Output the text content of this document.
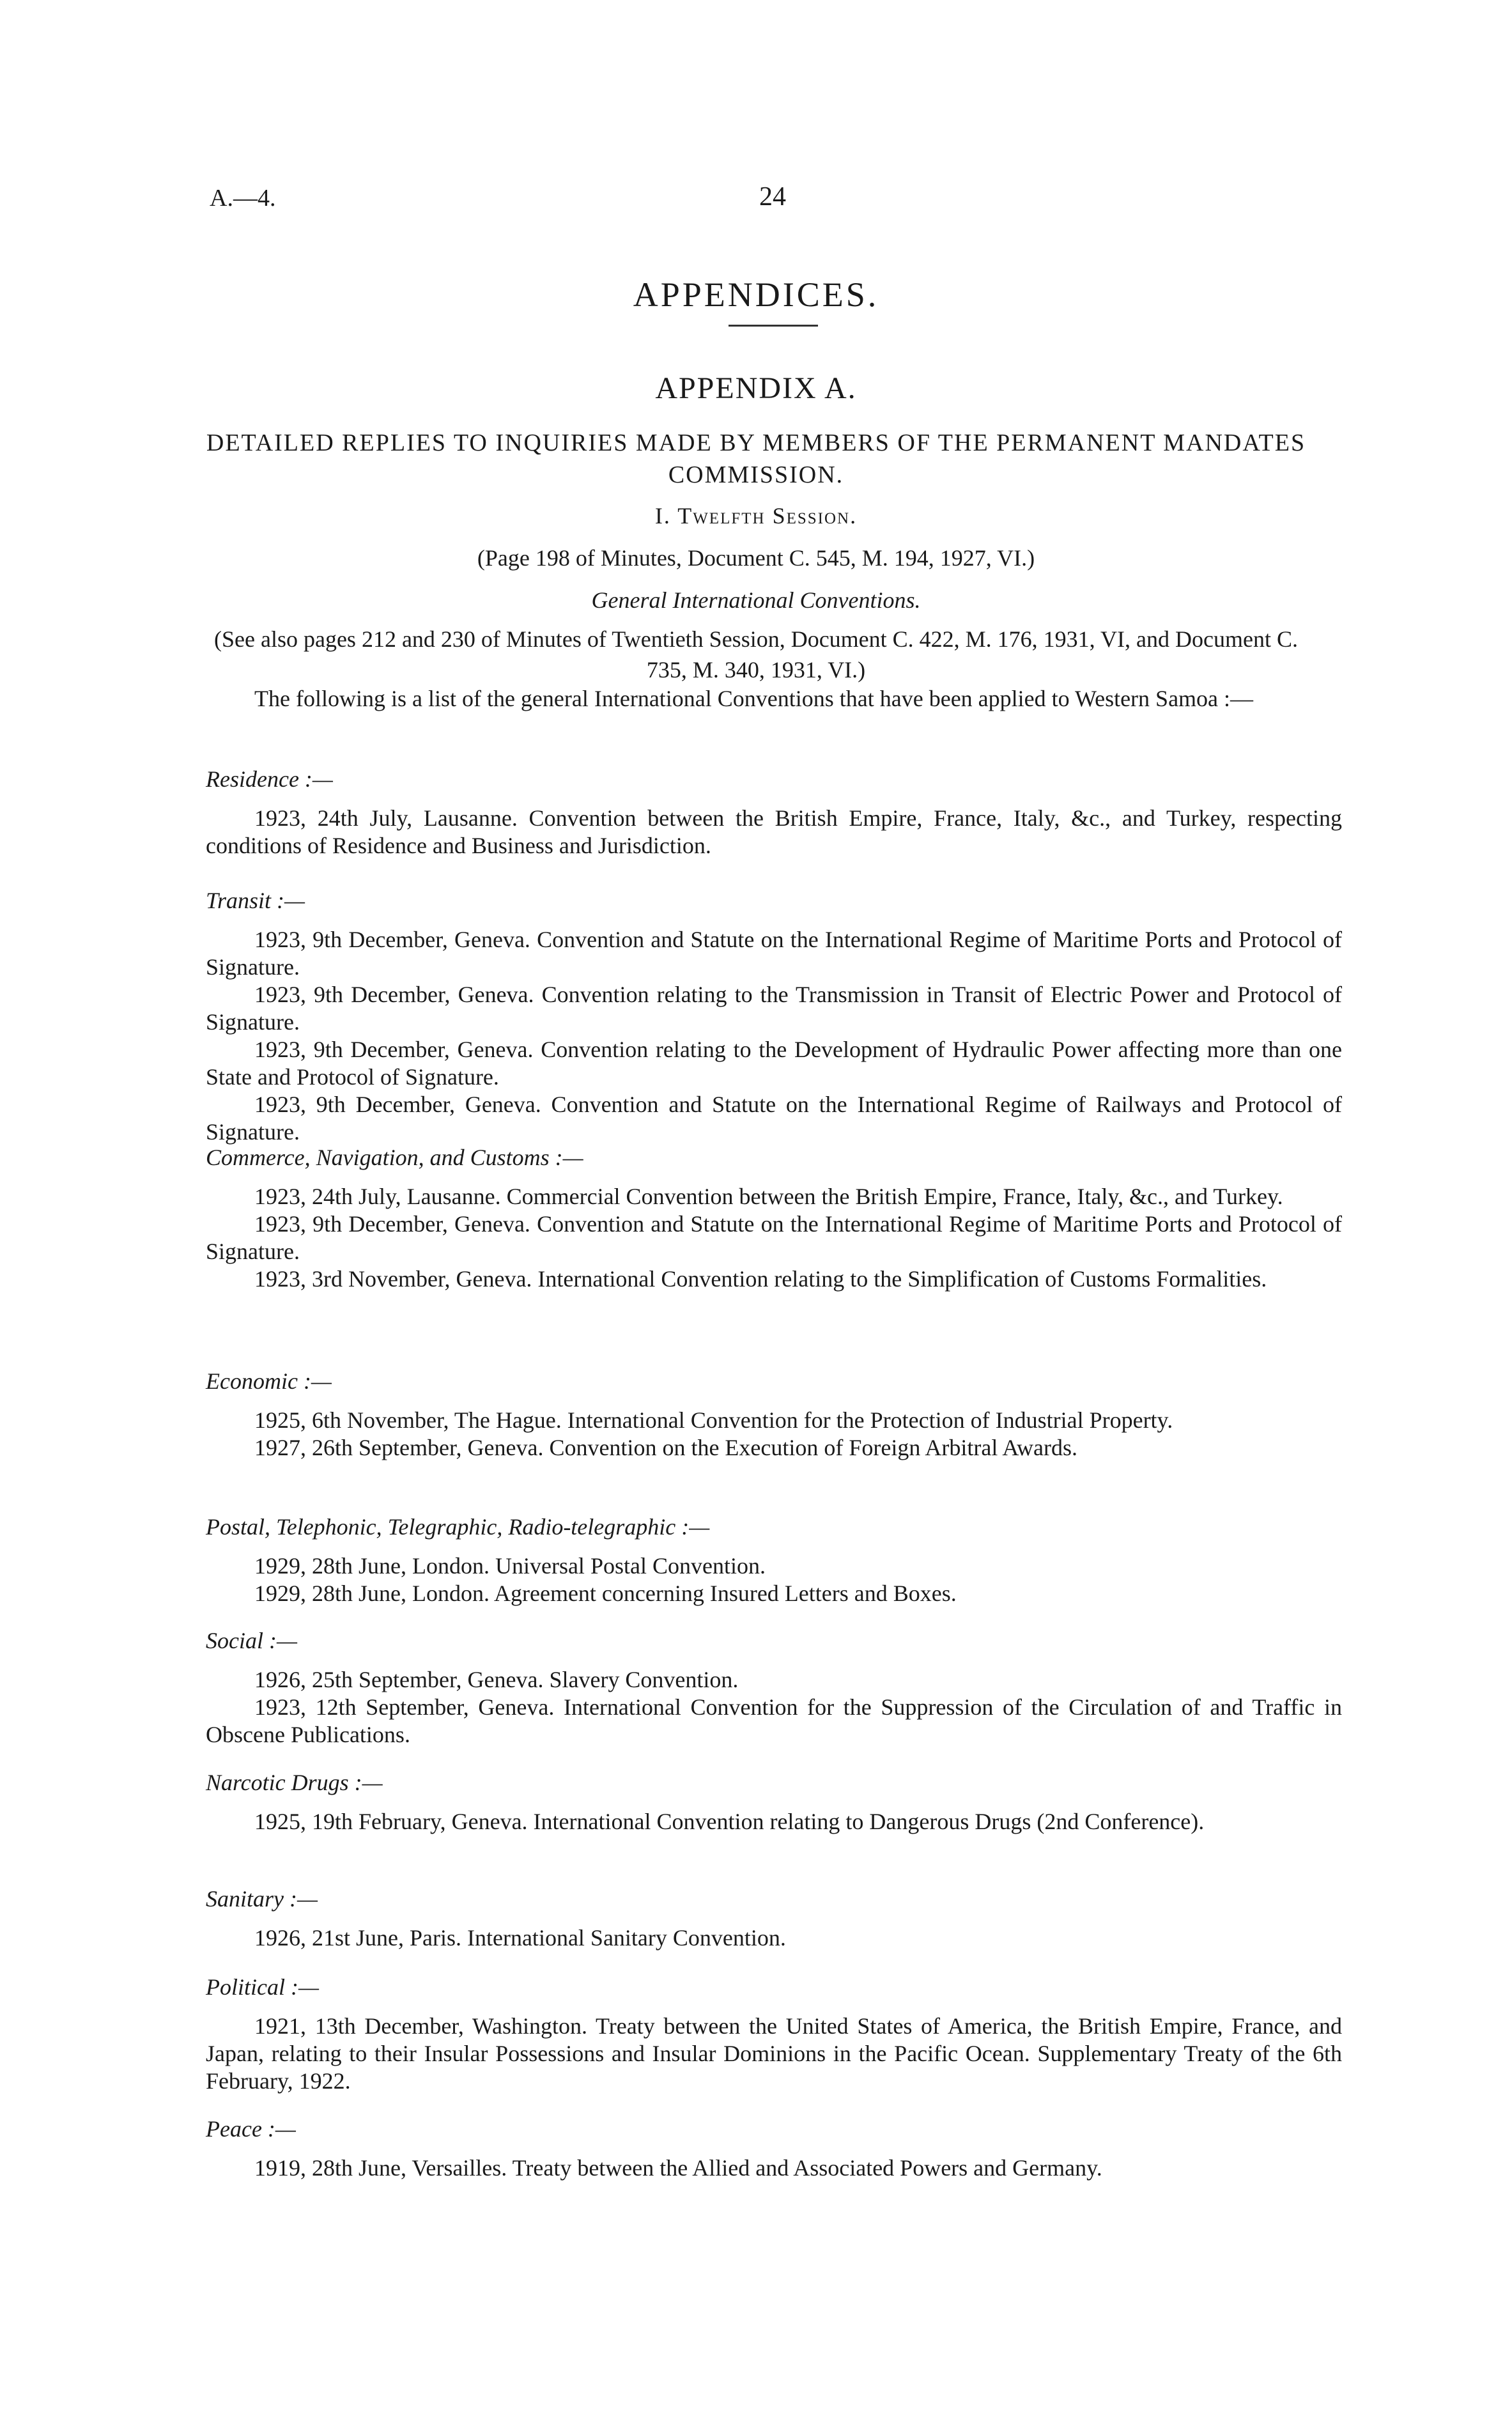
A.—4.	24
APPENDICES.
APPENDIX A.
DETAILED REPLIES TO INQUIRIES MADE BY MEMBERS OF THE PERMANENT MANDATES COMMISSION.
I. Twelfth Session.
(Page 198 of Minutes, Document C. 545, M. 194, 1927, VI.)
General International Conventions.
(See also pages 212 and 230 of Minutes of Twentieth Session, Document C. 422, M. 176, 1931, VI, and Document C. 735, M. 340, 1931, VI.)

The following is a list of the general International Conventions that have been applied to Western Samoa :—

Residence :—

1923, 24th July, Lausanne. Convention between the British Empire, France, Italy, &c., and Turkey, respecting conditions of Residence and Business and Jurisdiction.

Transit :—

1923, 9th December, Geneva. Convention and Statute on the International Regime of Maritime Ports and Protocol of Signature.

1923, 9th December, Geneva. Convention relating to the Transmission in Transit of Electric Power and Protocol of Signature.

1923, 9th December, Geneva. Convention relating to the Development of Hydraulic Power affecting more than one State and Protocol of Signature.

1923, 9th December, Geneva. Convention and Statute on the International Regime of Railways and Protocol of Signature.

Commerce, Navigation, and Customs :—

1923, 24th July, Lausanne. Commercial Convention between the British Empire, France, Italy, &c., and Turkey.

1923, 9th December, Geneva. Convention and Statute on the International Regime of Maritime Ports and Protocol of Signature.

1923, 3rd November, Geneva. International Convention relating to the Simplification of Customs Formalities.

Economic :—

1925, 6th November, The Hague. International Convention for the Protection of Industrial Property.

1927, 26th September, Geneva. Convention on the Execution of Foreign Arbitral Awards.

Postal, Telephonic, Telegraphic, Radio-telegraphic :—

1929, 28th June, London. Universal Postal Convention.

1929, 28th June, London. Agreement concerning Insured Letters and Boxes.

Social :—

1926, 25th September, Geneva. Slavery Convention.

1923, 12th September, Geneva. International Convention for the Suppression of the Circulation of and Traffic in Obscene Publications.

Narcotic Drugs :—

1925, 19th February, Geneva. International Convention relating to Dangerous Drugs (2nd Conference).

Sanitary :—

1926, 21st June, Paris. International Sanitary Convention.

Political :—

1921, 13th December, Washington. Treaty between the United States of America, the British Empire, France, and Japan, relating to their Insular Possessions and Insular Dominions in the Pacific Ocean. Supplementary Treaty of the 6th February, 1922.

Peace :—

1919, 28th June, Versailles. Treaty between the Allied and Associated Powers and Germany.
